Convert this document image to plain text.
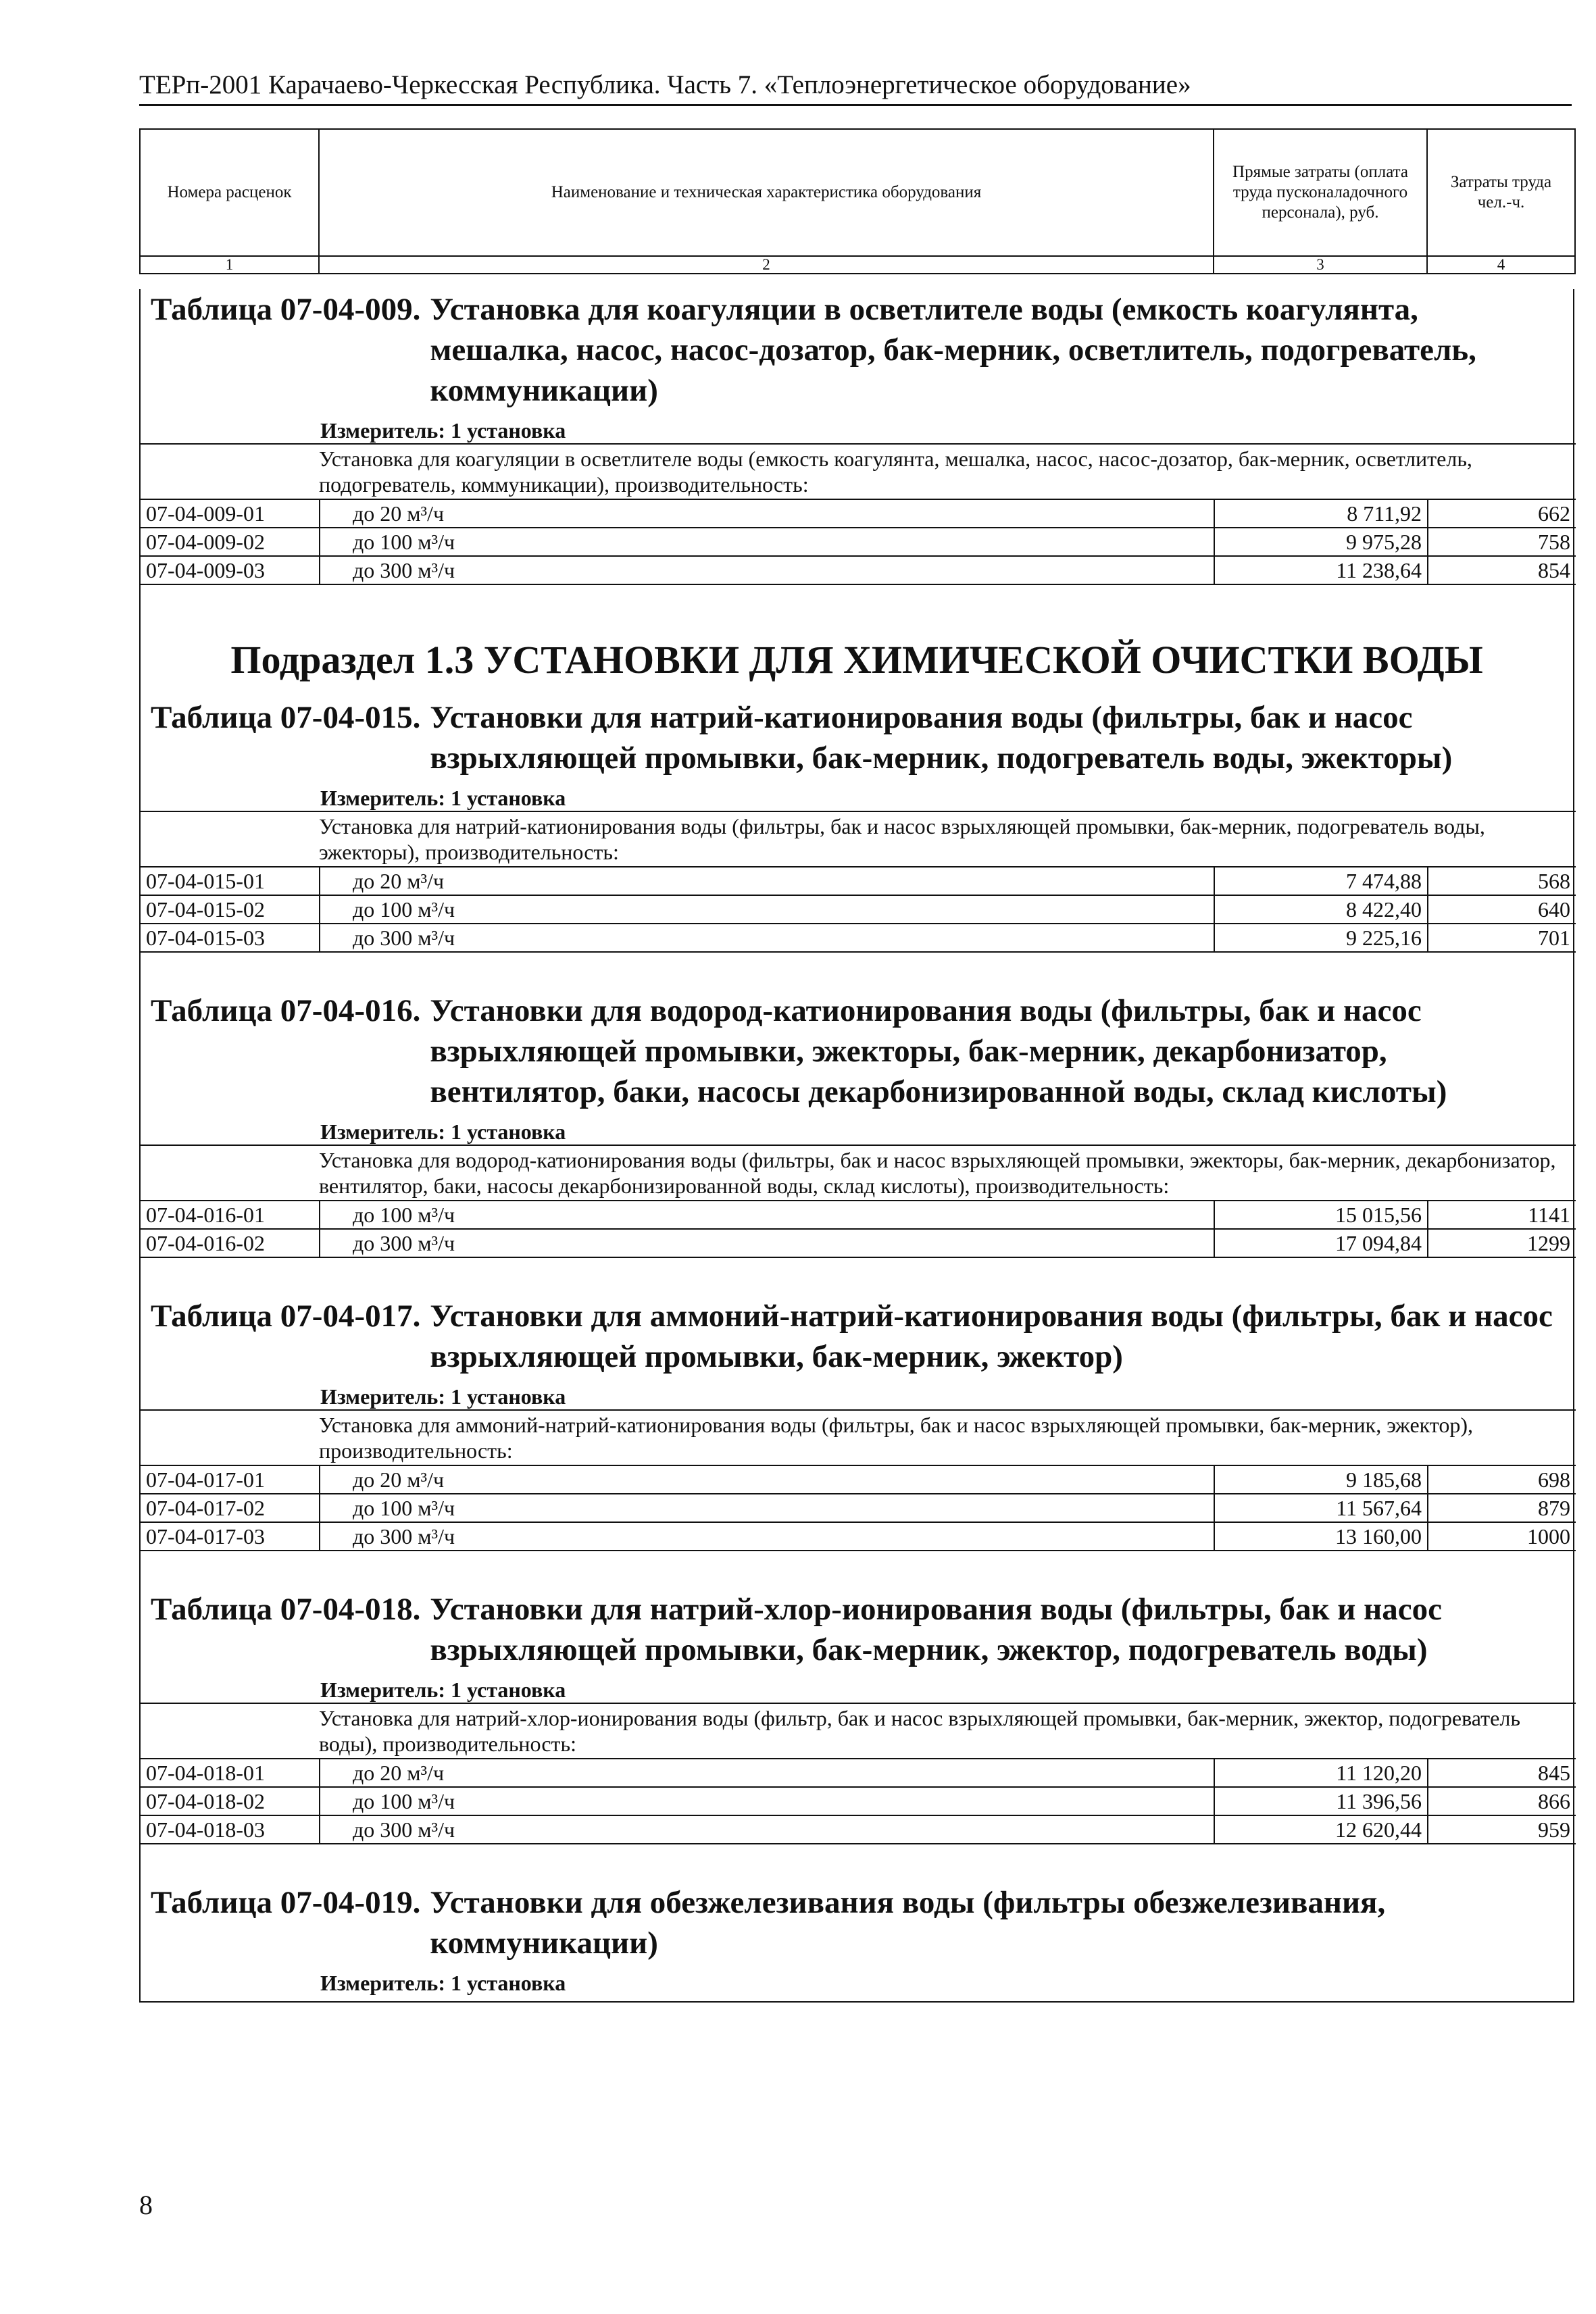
ТЕРп-2001 Карачаево-Черкесская Республика. Часть 7. «Теплоэнергетическое оборудование»
Номера расценок	Наименование и техническая характеристика оборудования	Прямые затраты (оплата труда пусконаладочного персонала), руб.	Затраты труда чел.-ч.
1	2	3	4
Таблица 07-04-009. Установка для коагуляции в осветлителе воды (емкость коагулянта, мешалка, насос, насос-дозатор, бак-мерник, осветлитель, подогреватель, коммуникации)
Измеритель: 1 установка
Установка для коагуляции в осветлителе воды (емкость коагулянта, мешалка, насос, насос-дозатор, бак-мерник, осветлитель, подогреватель, коммуникации), производительность:			
07-04-009-01	до 20 м³/ч	8 711,92	662
07-04-009-02	до 100 м³/ч	9 975,28	758
07-04-009-03	до 300 м³/ч	11 238,64	854
Подраздел 1.3 УСТАНОВКИ ДЛЯ ХИМИЧЕСКОЙ ОЧИСТКИ ВОДЫ
Таблица 07-04-015. Установки для натрий-катионирования воды (фильтры, бак и насос взрыхляющей промывки, бак-мерник, подогреватель воды, эжекторы)
Измеритель: 1 установка
Установка для натрий-катионирования воды (фильтры, бак и насос взрыхляющей промывки, бак-мерник, подогреватель воды, эжекторы), производительность:			
07-04-015-01	до 20 м³/ч	7 474,88	568
07-04-015-02	до 100 м³/ч	8 422,40	640
07-04-015-03	до 300 м³/ч	9 225,16	701
Таблица 07-04-016. Установки для водород-катионирования воды (фильтры, бак и насос взрыхляющей промывки, эжекторы, бак-мерник, декарбонизатор, вентилятор, баки, насосы декарбонизированной воды, склад кислоты)
Измеритель: 1 установка
Установка для водород-катионирования воды (фильтры, бак и насос взрыхляющей промывки, эжекторы, бак-мерник, декарбонизатор, вентилятор, баки, насосы декарбонизированной воды, склад кислоты), производительность:			
07-04-016-01	до 100 м³/ч	15 015,56	1141
07-04-016-02	до 300 м³/ч	17 094,84	1299
Таблица 07-04-017. Установки для аммоний-натрий-катионирования воды (фильтры, бак и насос взрыхляющей промывки, бак-мерник, эжектор)
Измеритель: 1 установка
Установка для аммоний-натрий-катионирования воды (фильтры, бак и насос взрыхляющей промывки, бак-мерник, эжектор), производительность:			
07-04-017-01	до 20 м³/ч	9 185,68	698
07-04-017-02	до 100 м³/ч	11 567,64	879
07-04-017-03	до 300 м³/ч	13 160,00	1000
Таблица 07-04-018. Установки для натрий-хлор-ионирования воды (фильтры, бак и насос взрыхляющей промывки, бак-мерник, эжектор, подогреватель воды)
Измеритель: 1 установка
Установка для натрий-хлор-ионирования воды (фильтр, бак и насос взрыхляющей промывки, бак-мерник, эжектор, подогреватель воды), производительность:			
07-04-018-01	до 20 м³/ч	11 120,20	845
07-04-018-02	до 100 м³/ч	11 396,56	866
07-04-018-03	до 300 м³/ч	12 620,44	959
Таблица 07-04-019. Установки для обезжелезивания воды (фильтры обезжелезивания, коммуникации)
Измеритель: 1 установка
8
